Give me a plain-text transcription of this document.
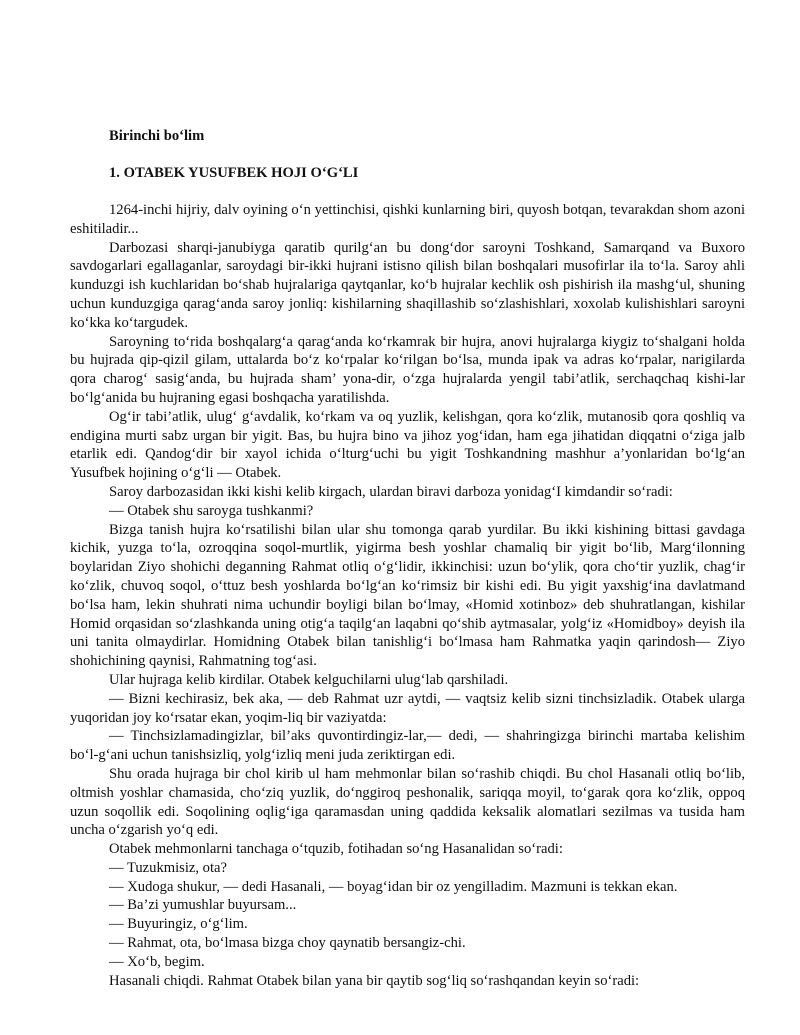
Birinchi bo‘lim
1. OTABEK YUSUFBEK HOJI O‘G‘LI

1264-inchi hijriy, dalv oyining o‘n yettinchisi, qishki kunlarning biri, quyosh botqan, tevarakdan shom azoni eshitiladir...

Darbozasi sharqi-janubiyga qaratib qurilg‘an bu dong‘dor saroyni Toshkand, Samarqand va Buxoro savdogarlari egallaganlar, saroydagi bir-ikki hujrani istisno qilish bilan boshqalari musofirlar ila to‘la. Saroy ahli kunduzgi ish kuchlaridan bo‘shab hujralariga qaytqanlar, ko‘b hujralar kechlik osh pishirish ila mashg‘ul, shuning uchun kunduzgiga qarag‘anda saroy jonliq: kishilarning shaqillashib so‘zlashishlari, xoxolab kulishishlari saroyni ko‘kka ko‘targudek.

Saroyning to‘rida boshqalarg‘a qarag‘anda ko‘rkamrak bir hujra, anovi hujralarga kiygiz to‘shalgani holda bu hujrada qip-qizil gilam, uttalarda bo‘z ko‘rpalar ko‘rilgan bo‘lsa, munda ipak va adras ko‘rpalar, narigilarda qora charog‘ sasig‘anda, bu hujrada sham’ yona-dir, o‘zga hujralarda yengil tabi’atlik, serchaqchaq kishi-lar bo‘lg‘anida bu hujraning egasi boshqacha yaratilishda.

Og‘ir tabi’atlik, ulug‘ g‘avdalik, ko‘rkam va oq yuzlik, kelishgan, qora ko‘zlik, mutanosib qora qoshliq va endigina murti sabz urgan bir yigit. Bas, bu hujra bino va jihoz yog‘idan, ham ega jihatidan diqqatni o‘ziga jalb etarlik edi. Qandog‘dir bir xayol ichida o‘lturg‘uchi bu yigit Toshkandning mashhur a’yonlaridan bo‘lg‘an Yusufbek hojining o‘g‘li — Otabek.

Saroy darbozasidan ikki kishi kelib kirgach, ulardan biravi darboza yonidag‘I kimdandir so‘radi:

— Otabek shu saroyga tushkanmi?

Bizga tanish hujra ko‘rsatilishi bilan ular shu tomonga qarab yurdilar. Bu ikki kishining bittasi gavdaga kichik, yuzga to‘la, ozroqqina soqol-murtlik, yigirma besh yoshlar chamaliq bir yigit bo‘lib, Marg‘ilonning boylaridan Ziyo shohichi deganning Rahmat otliq o‘g‘lidir, ikkinchisi: uzun bo‘ylik, qora cho‘tir yuzlik, chag‘ir ko‘zlik, chuvoq soqol, o‘ttuz besh yoshlarda bo‘lg‘an ko‘rimsiz bir kishi edi. Bu yigit yaxshig‘ina davlatmand bo‘lsa ham, lekin shuhrati nima uchundir boyligi bilan bo‘lmay, «Homid xotinboz» deb shuhratlangan, kishilar Homid orqasidan so‘zlashkanda uning otig‘a taqilg‘an laqabni qo‘shib aytmasalar, yolg‘iz «Homidboy» deyish ila uni tanita olmaydirlar. Homidning Otabek bilan tanishlig‘i bo‘lmasa ham Rahmatka yaqin qarindosh— Ziyo shohichining qaynisi, Rahmatning tog‘asi.

Ular hujraga kelib kirdilar. Otabek kelguchilarni ulug‘lab qarshiladi.

— Bizni kechirasiz, bek aka, — deb Rahmat uzr aytdi, — vaqtsiz kelib sizni tinchsizladik. Otabek ularga yuqoridan joy ko‘rsatar ekan, yoqim-liq bir vaziyatda:

— Tinchsizlamadingizlar, bil’aks quvontirdingiz-lar,— dedi, — shahringizga birinchi martaba kelishim bo‘l-g‘ani uchun tanishsizliq, yolg‘izliq meni juda zeriktirgan edi.

Shu orada hujraga bir chol kirib ul ham mehmonlar bilan so‘rashib chiqdi. Bu chol Hasanali otliq bo‘lib, oltmish yoshlar chamasida, cho‘ziq yuzlik, do‘nggiroq peshonalik, sariqqa moyil, to‘garak qora ko‘zlik, oppoq uzun soqollik edi. Soqolining oqlig‘iga qaramasdan uning qaddida keksalik alomatlari sezilmas va tusida ham uncha o‘zgarish yo‘q edi.

Otabek mehmonlarni tanchaga o‘tquzib, fotihadan so‘ng Hasanalidan so‘radi:

— Tuzukmisiz, ota?

— Xudoga shukur, — dedi Hasanali, — boyag‘idan bir oz yengilladim. Mazmuni is tekkan ekan.

— Ba’zi yumushlar buyursam...

— Buyuringiz, o‘g‘lim.

— Rahmat, ota, bo‘lmasa bizga choy qaynatib bersangiz-chi.

— Xo‘b, begim.

Hasanali chiqdi. Rahmat Otabek bilan yana bir qaytib sog‘liq so‘rashqandan keyin so‘radi:
